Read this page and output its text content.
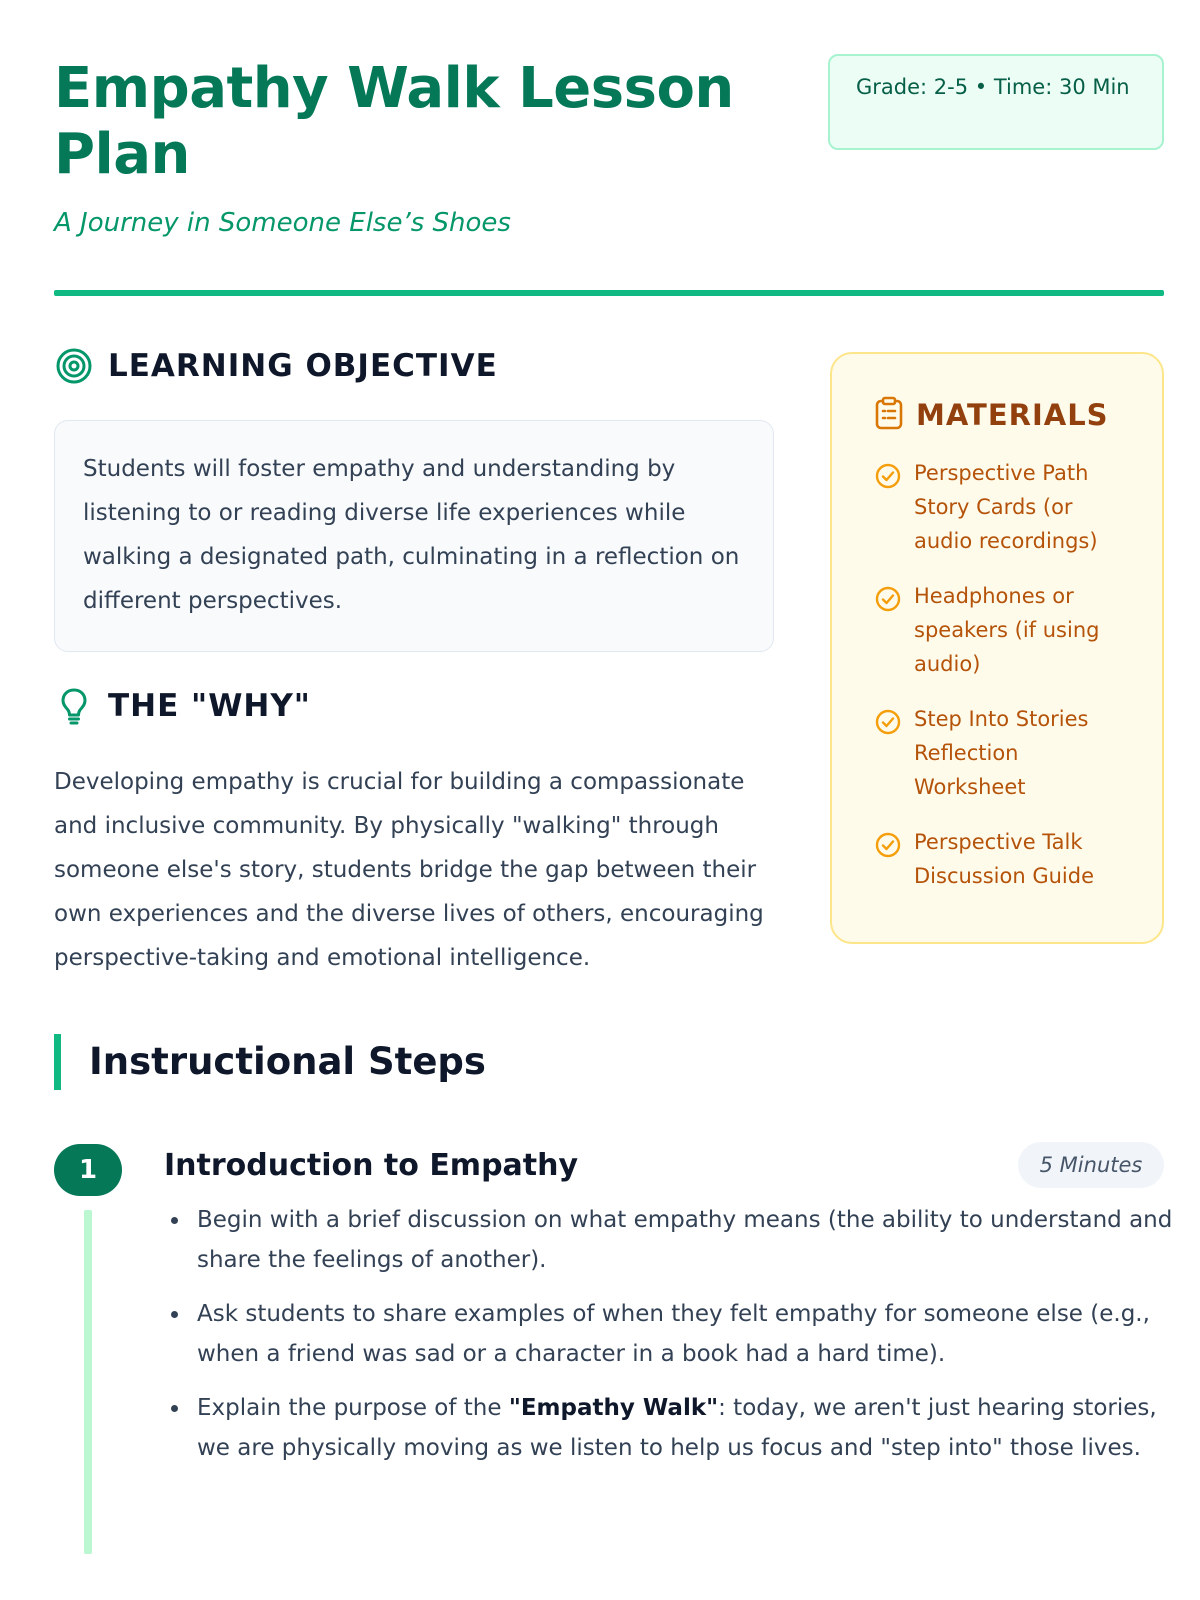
Empathy Walk Lesson Plan
A Journey in Someone Else’s Shoes
Grade: 2-5 • Time: 30 Min
LEARNING OBJECTIVE
Students will foster empathy and understanding by listening to or reading diverse life experiences while walking a designated path, culminating in a reflection on different perspectives.
THE "WHY"
Developing empathy is crucial for building a compassionate and inclusive community. By physically "walking" through someone else's story, students bridge the gap between their own experiences and the diverse lives of others, encouraging perspective-taking and emotional intelligence.
MATERIALS
Perspective Path Story Cards (or audio recordings)
Headphones or speakers (if using audio)
Step Into Stories Reflection Worksheet
Perspective Talk Discussion Guide
Instructional Steps
1	Introduction to Empathy	5 Minutes
Begin with a brief discussion on what empathy means (the ability to understand and share the feelings of another).
Ask students to share examples of when they felt empathy for someone else (e.g., when a friend was sad or a character in a book had a hard time).
Explain the purpose of the "Empathy Walk": today, we aren't just hearing stories, we are physically moving as we listen to help us focus and "step into" those lives.
